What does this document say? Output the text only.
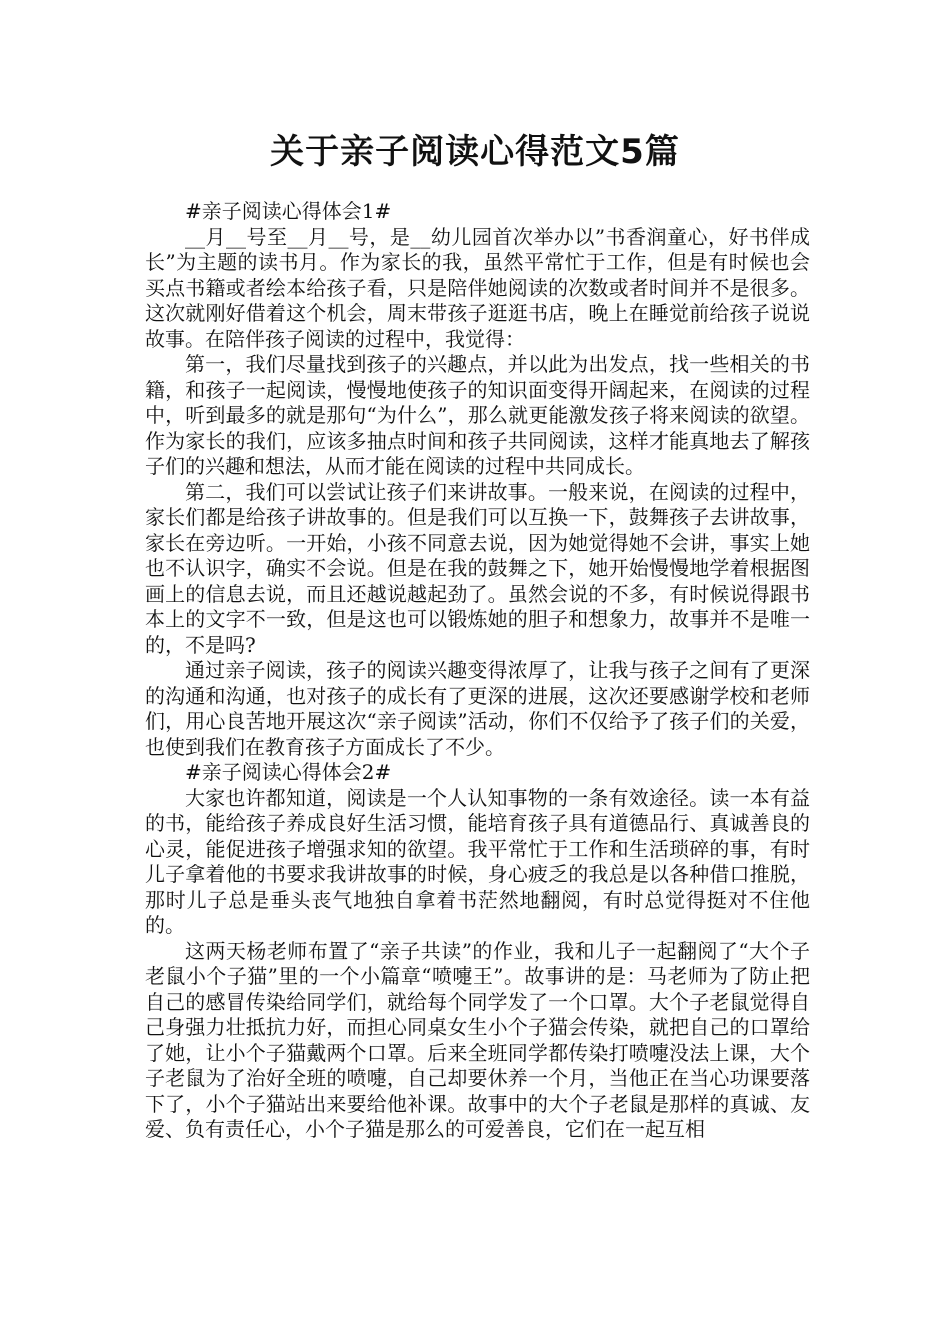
关于亲子阅读心得范文5篇

#亲子阅读心得体会1#

__月__号至__月__号，是__幼儿园首次举办以”书香润童心，好书伴成长”为主题的读书月。作为家长的我，虽然平常忙于工作，但是有时候也会买点书籍或者绘本给孩子看，只是陪伴她阅读的次数或者时间并不是很多。这次就刚好借着这个机会，周末带孩子逛逛书店，晚上在睡觉前给孩子说说故事。在陪伴孩子阅读的过程中，我觉得：

第一，我们尽量找到孩子的兴趣点，并以此为出发点，找一些相关的书籍，和孩子一起阅读，慢慢地使孩子的知识面变得开阔起来，在阅读的过程中，听到最多的就是那句“为什么”，那么就更能激发孩子将来阅读的欲望。作为家长的我们，应该多抽点时间和孩子共同阅读，这样才能真地去了解孩子们的兴趣和想法，从而才能在阅读的过程中共同成长。

第二，我们可以尝试让孩子们来讲故事。一般来说，在阅读的过程中，家长们都是给孩子讲故事的。但是我们可以互换一下，鼓舞孩子去讲故事，家长在旁边听。一开始，小孩不同意去说，因为她觉得她不会讲，事实上她也不认识字，确实不会说。但是在我的鼓舞之下，她开始慢慢地学着根据图画上的信息去说，而且还越说越起劲了。虽然会说的不多，有时候说得跟书本上的文字不一致，但是这也可以锻炼她的胆子和想象力，故事并不是唯一的，不是吗?

通过亲子阅读，孩子的阅读兴趣变得浓厚了，让我与孩子之间有了更深的沟通和沟通，也对孩子的成长有了更深的进展，这次还要感谢学校和老师们，用心良苦地开展这次“亲子阅读”活动，你们不仅给予了孩子们的关爱，也使到我们在教育孩子方面成长了不少。

#亲子阅读心得体会2#

大家也许都知道，阅读是一个人认知事物的一条有效途径。读一本有益的书，能给孩子养成良好生活习惯，能培育孩子具有道德品行、真诚善良的心灵，能促进孩子增强求知的欲望。我平常忙于工作和生活琐碎的事，有时儿子拿着他的书要求我讲故事的时候，身心疲乏的我总是以各种借口推脱，那时儿子总是垂头丧气地独自拿着书茫然地翻阅，有时总觉得挺对不住他的。

这两天杨老师布置了“亲子共读”的作业，我和儿子一起翻阅了“大个子老鼠小个子猫”里的一个小篇章“喷嚏王”。故事讲的是：马老师为了防止把自己的感冒传染给同学们，就给每个同学发了一个口罩。大个子老鼠觉得自己身强力壮抵抗力好，而担心同桌女生小个子猫会传染，就把自己的口罩给了她，让小个子猫戴两个口罩。后来全班同学都传染打喷嚏没法上课，大个子老鼠为了治好全班的喷嚏，自己却要休养一个月，当他正在当心功课要落下了，小个子猫站出来要给他补课。故事中的大个子老鼠是那样的真诚、友爱、负有责任心，小个子猫是那么的可爱善良，它们在一起互相
